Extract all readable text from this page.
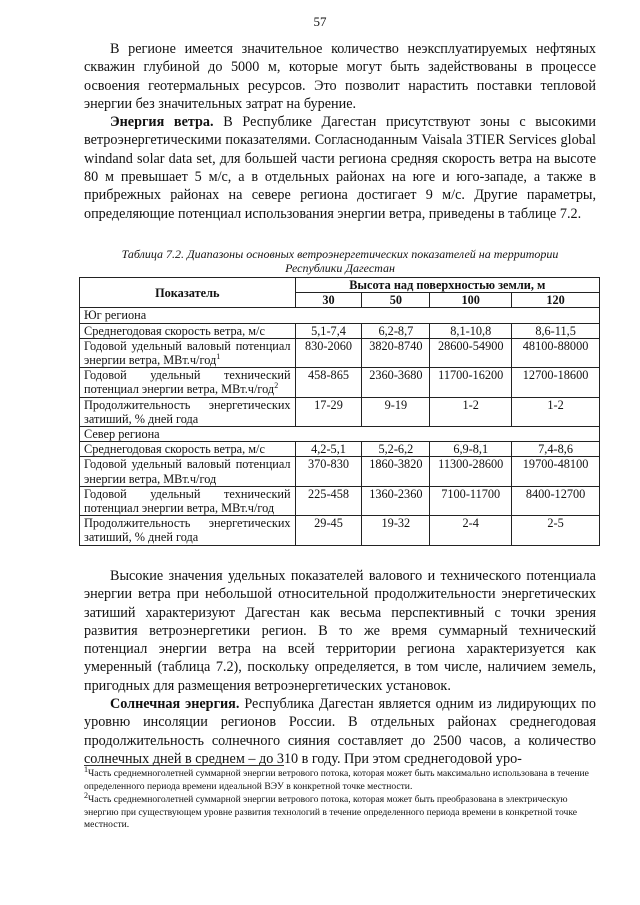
57

В регионе имеется значительное количество неэксплуатируемых нефтяных скважин глубиной до 5000 м, которые могут быть задействованы в процессе освоения геотермальных ресурсов. Это позволит нарастить поставки тепловой энергии без значительных затрат на бурение.

Энергия ветра. В Республике Дагестан присутствуют зоны с высокими ветроэнергетическими показателями. Согласноданным Vaisala 3TIER Services global windand solar data set, для большей части региона средняя скорость ветра на высоте 80 м превышает 5 м/с, а в отдельных районах на юге и юго-западе, а также в прибрежных районах на севере региона достигает 9 м/с. Другие параметры, определяющие потенциал использования энергии ветра, приведены в таблице 7.2.

Таблица 7.2. Диапазоны основных ветроэнергетических показателей на территории
Республики Дагестан
Показатель	Высота над поверхностью земли, м			
	30	50	100	120
Юг региона				
Среднегодовая скорость ветра, м/с	5,1-7,4	6,2-8,7	8,1-10,8	8,6-11,5
Годовой удельный валовый потенциал энергии ветра, МВт.ч/год$^1$	830-2060	3820-8740	28600-54900	48100-88000
Годовой удельный технический потенциал энергии ветра, МВт.ч/год$^2$	458-865	2360-3680	11700-16200	12700-18600
Продолжительность энергетических затиший, % дней года	17-29	9-19	1-2	1-2
Север региона				
Среднегодовая скорость ветра, м/с	4,2-5,1	5,2-6,2	6,9-8,1	7,4-8,6
Годовой удельный валовый потенциал энергии ветра, МВт.ч/год	370-830	1860-3820	11300-28600	19700-48100
Годовой удельный технический потенциал энергии ветра, МВт.ч/год	225-458	1360-2360	7100-11700	8400-12700
Продолжительность энергетических затиший, % дней года	29-45	19-32	2-4	2-5

Высокие значения удельных показателей валового и технического потенциала энергии ветра при небольшой относительной продолжительности энергетических затиший характеризуют Дагестан как весьма перспективный с точки зрения развития ветроэнергетики регион. В то же время суммарный технический потенциал энергии ветра на всей территории региона характеризуется как умеренный (таблица 7.2), поскольку определяется, в том числе, наличием земель, пригодных для размещения ветроэнергетических установок.

Солнечная энергия. Республика Дагестан является одним из лидирующих по уровню инсоляции регионов России. В отдельных районах среднегодовая продолжительность солнечного сияния составляет до 2500 часов, а количество солнечных дней в среднем – до 310 в году. При этом среднегодовой уро-

$^1$Часть среднемноголетней суммарной энергии ветрового потока, которая может быть максимально использована в течение определенного периода времени идеальной ВЭУ в конкретной точке местности.
$^2$Часть среднемноголетней суммарной энергии ветрового потока, которая может быть преобразована в электрическую энергию при существующем уровне развития технологий в течение определенного периода времени в конкретной точке местности.
